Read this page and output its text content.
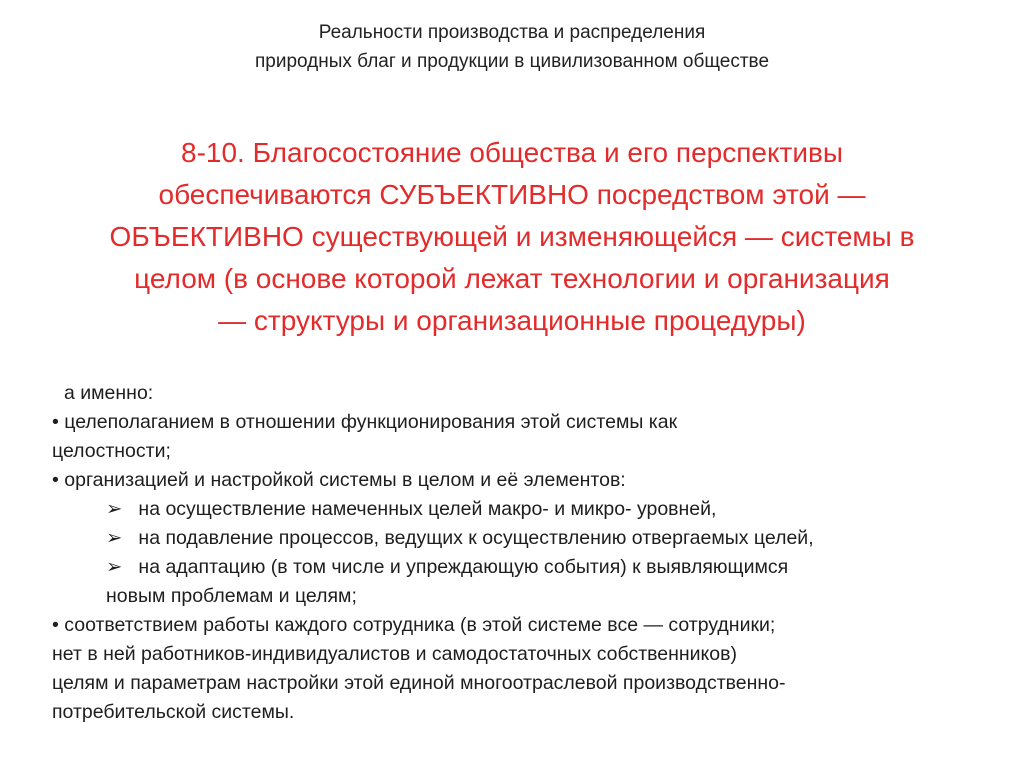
Реальности производства и распределения
природных благ и продукции в цивилизованном обществе
8-10. Благосостояние общества и его перспективы
обеспечиваются СУБЪЕКТИВНО посредством этой —
ОБЪЕКТИВНО существующей и изменяющейся — системы в
целом (в основе которой лежат технологии и организация
— структуры и организационные процедуры)
а именно:
• целеполаганием в отношении функционирования этой системы как
целостности;
• организацией и настройкой системы в целом и её элементов:
➢ на осуществление намеченных целей макро- и микро- уровней,
➢ на подавление процессов, ведущих к осуществлению отвергаемых целей,
➢ на адаптацию (в том числе и упреждающую события) к выявляющимся
новым проблемам и целям;
• соответствием работы каждого сотрудника (в этой системе все — сотрудники;
нет в ней работников-индивидуалистов и самодостаточных собственников)
целям и параметрам настройки этой единой многоотраслевой производственно-
потребительской системы.
